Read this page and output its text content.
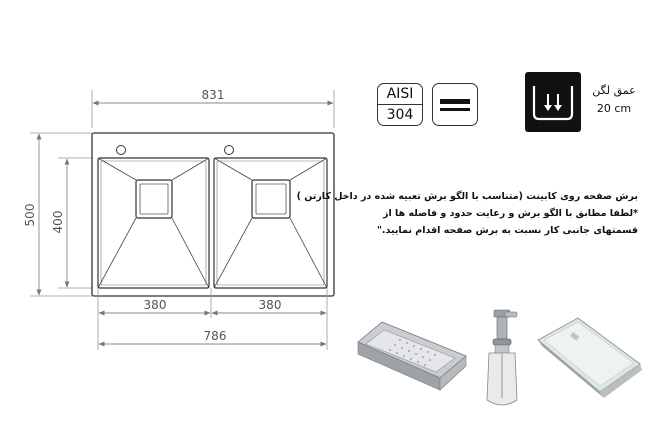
831
500 400
380	380
786
AISI
304
عمق لگن
20 cm
برش صفحه روی کابینت (متناسب با الگو برش تعبیه شده در داخل کارتن )
*لطفا مطابق با الگو برش و رعایت حدود و فاصله ها از
قسمتهای جانبی کار نسبت به برش صفحه اقدام نمایید."
